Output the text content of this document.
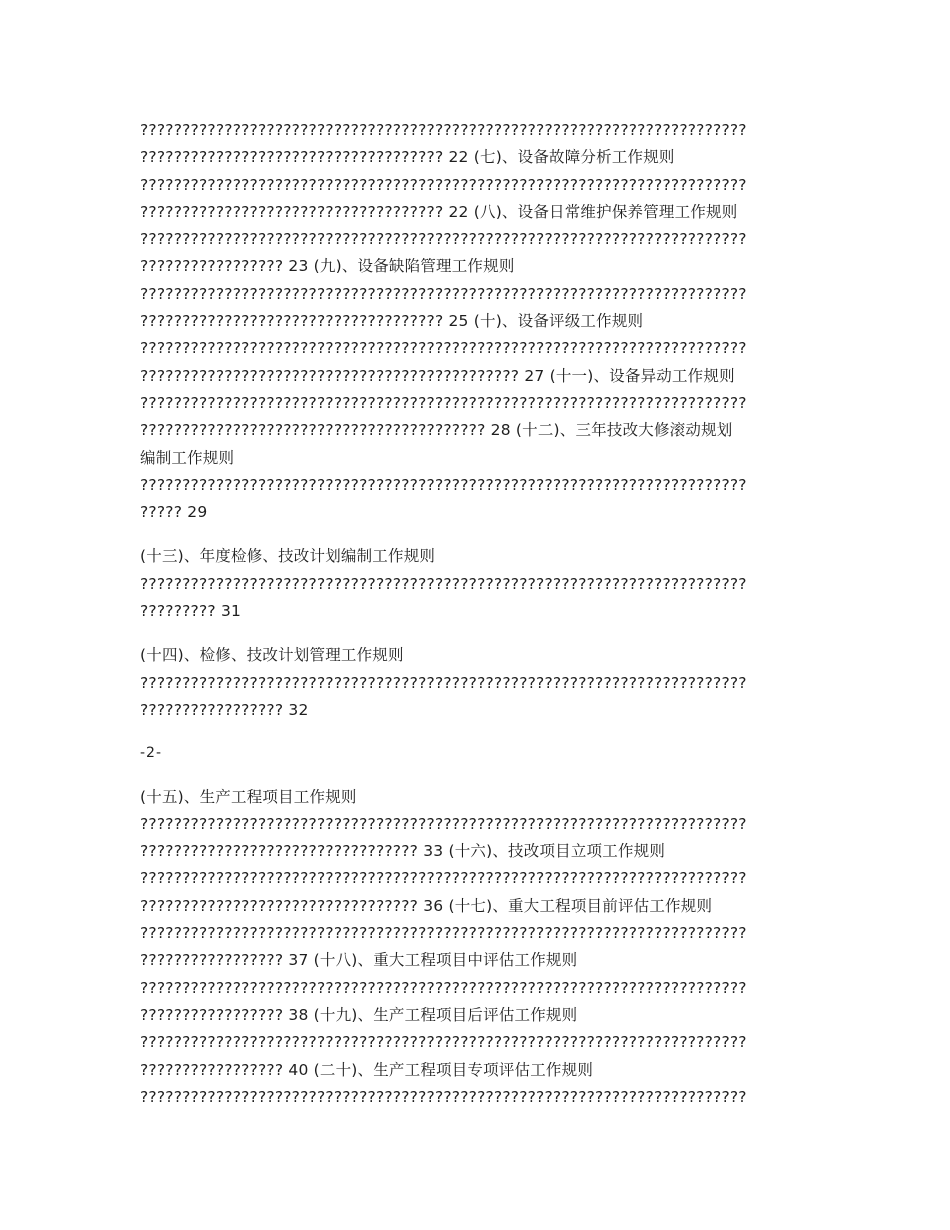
????????????????????????????????????????????????????????????????????????
???????????????????????????????????? 22 (七)、设备故障分析工作规则
????????????????????????????????????????????????????????????????????????
???????????????????????????????????? 22 (八)、设备日常维护保养管理工作规则
????????????????????????????????????????????????????????????????????????
????????????????? 23 (九)、设备缺陷管理工作规则
????????????????????????????????????????????????????????????????????????
???????????????????????????????????? 25 (十)、设备评级工作规则
????????????????????????????????????????????????????????????????????????
????????????????????????????????????????????? 27 (十一)、设备异动工作规则
????????????????????????????????????????????????????????????????????????
????????????????????????????????????????? 28 (十二)、三年技改大修滚动规划
编制工作规则
????????????????????????????????????????????????????????????????????????
????? 29
(十三)、年度检修、技改计划编制工作规则
????????????????????????????????????????????????????????????????????????
????????? 31
(十四)、检修、技改计划管理工作规则
????????????????????????????????????????????????????????????????????????
????????????????? 32
-2-
(十五)、生产工程项目工作规则
????????????????????????????????????????????????????????????????????????
????????????????????????????????? 33 (十六)、技改项目立项工作规则
????????????????????????????????????????????????????????????????????????
????????????????????????????????? 36 (十七)、重大工程项目前评估工作规则
????????????????????????????????????????????????????????????????????????
????????????????? 37 (十八)、重大工程项目中评估工作规则
????????????????????????????????????????????????????????????????????????
????????????????? 38 (十九)、生产工程项目后评估工作规则
????????????????????????????????????????????????????????????????????????
????????????????? 40 (二十)、生产工程项目专项评估工作规则
????????????????????????????????????????????????????????????????????????
